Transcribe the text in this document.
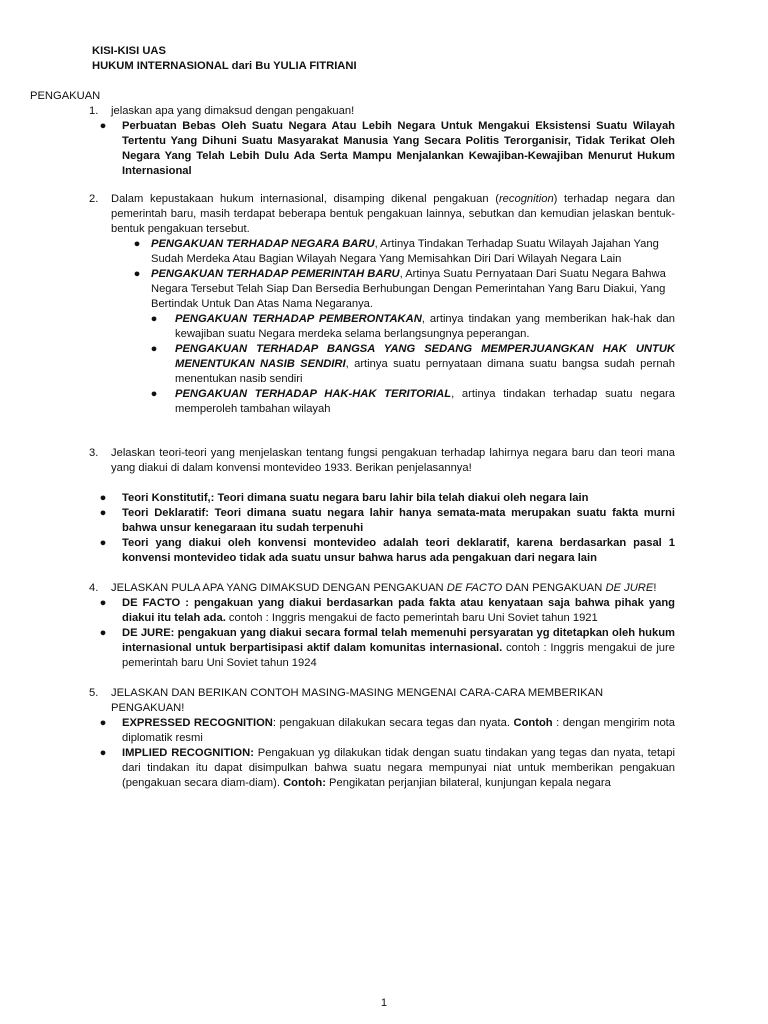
KISI-KISI UAS
HUKUM INTERNASIONAL dari Bu YULIA FITRIANI
PENGAKUAN
1. jelaskan apa yang dimaksud dengan pengakuan!
● Perbuatan Bebas Oleh Suatu Negara Atau Lebih Negara Untuk Mengakui Eksistensi Suatu Wilayah Tertentu Yang Dihuni Suatu Masyarakat Manusia Yang Secara Politis Terorganisir, Tidak Terikat Oleh Negara Yang Telah Lebih Dulu Ada Serta Mampu Menjalankan Kewajiban-Kewajiban Menurut Hukum Internasional
2. Dalam kepustakaan hukum internasional, disamping dikenal pengakuan (recognition) terhadap negara dan pemerintah baru, masih terdapat beberapa bentuk pengakuan lainnya, sebutkan dan kemudian jelaskan bentuk-bentuk pengakuan tersebut.

● PENGAKUAN TERHADAP NEGARA BARU, Artinya Tindakan Terhadap Suatu Wilayah Jajahan Yang Sudah Merdeka Atau Bagian Wilayah Negara Yang Memisahkan Diri Dari Wilayah Negara Lain

● PENGAKUAN TERHADAP PEMERINTAH BARU, Artinya Suatu Pernyataan Dari Suatu Negara Bahwa Negara Tersebut Telah Siap Dan Bersedia Berhubungan Dengan Pemerintahan Yang Baru Diakui, Yang Bertindak Untuk Dan Atas Nama Negaranya.

● PENGAKUAN TERHADAP PEMBERONTAKAN, artinya tindakan yang memberikan hak-hak dan kewajiban suatu Negara merdeka selama berlangsungnya peperangan.

● PENGAKUAN TERHADAP BANGSA YANG SEDANG MEMPERJUANGKAN HAK UNTUK MENENTUKAN NASIB SENDIRI, artinya suatu pernyataan dimana suatu bangsa sudah pernah menentukan nasib sendiri

● PENGAKUAN TERHADAP HAK-HAK TERITORIAL, artinya tindakan terhadap suatu negara memperoleh tambahan wilayah

3. Jelaskan teori-teori yang menjelaskan tentang fungsi pengakuan terhadap lahirnya negara baru dan teori mana yang diakui di dalam konvensi montevideo 1933. Berikan penjelasannya!
● Teori Konstitutif,: Teori dimana suatu negara baru lahir bila telah diakui oleh negara lain
● Teori Deklaratif: Teori dimana suatu negara lahir hanya semata-mata merupakan suatu fakta murni bahwa unsur kenegaraan itu sudah terpenuhi
● Teori yang diakui oleh konvensi montevideo adalah teori deklaratif, karena berdasarkan pasal 1 konvensi montevideo tidak ada suatu unsur bahwa harus ada pengakuan dari negara lain
4. JELASKAN PULA APA YANG DIMAKSUD DENGAN PENGAKUAN DE FACTO DAN PENGAKUAN DE JURE!

● DE FACTO : pengakuan yang diakui berdasarkan pada fakta atau kenyataan saja bahwa pihak yang diakui itu telah ada. contoh : Inggris mengakui de facto pemerintah baru Uni Soviet tahun 1921

● DE JURE: pengakuan yang diakui secara formal telah memenuhi persyaratan yg ditetapkan oleh hukum internasional untuk berpartisipasi aktif dalam komunitas internasional. contoh : Inggris mengakui de jure pemerintah baru Uni Soviet tahun 1924

5. JELASKAN DAN BERIKAN CONTOH MASING-MASING MENGENAI CARA-CARA MEMBERIKAN PENGAKUAN!
● EXPRESSED RECOGNITION: pengakuan dilakukan secara tegas dan nyata. Contoh : dengan mengirim nota diplomatik resmi

● IMPLIED RECOGNITION: Pengakuan yg dilakukan tidak dengan suatu tindakan yang tegas dan nyata, tetapi dari tindakan itu dapat disimpulkan bahwa suatu negara mempunyai niat untuk memberikan pengakuan (pengakuan secara diam-diam). Contoh: Pengikatan perjanjian bilateral, kunjungan kepala negara

1
